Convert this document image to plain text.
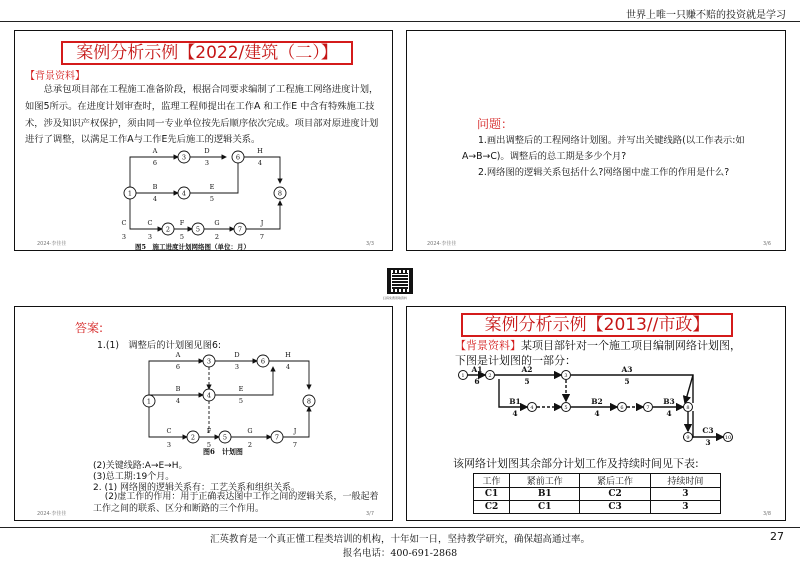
世界上唯一只赚不赔的投资就是学习
案例分析示例【2022/建筑（二）】
【背景资料】
总承包项目部在工程施工准备阶段，根据合同要求编制了工程施工网络进度计划，如图5所示。在进度计划审查时，监理工程师提出在工作A 和工作E 中含有特殊施工技术，涉及知识产权保护，须由同一专业单位按先后顺序依次完成。项目部对原进度计划进行了调整，以满足工作A与工作E先后施工的逻辑关系。
1
3
4
6
8
2	5	7
A
6
D
3
B
4
E
5
H
4
C
3
C
3
F
5
G
2
J
7
图5　施工进度计划网络图（单位：月）
2024·李佳佳	3/3
问题：
1.画出调整后的工程网络计划图。并写出关键线路(以工作表示:如A→B→C)。调整后的总工期是多少个月?
2.网络图的逻辑关系包括什么?网络图中虚工作的作用是什么?
2024·李佳佳	3/6
扫码免费领取资料
答案:
1.(1)　调整后的计划图见图6:
1
3
4
6
8
2	5	7
A
6
D
3
B
4
E
5
H
4
C
3
F
5
G
2
J
7
图6　计划图
(2)关键线路:A→E→H。
(3)总工期:19个月。
2. (1) 网络图的逻辑关系有：工艺关系和组织关系。
(2)虚工作的作用：用于正确表达图中工作之间的逻辑关系，一般起着工作之间的联系、区分和断路的三个作用。
2024·李佳佳	3/7
案例分析示例【2013//市政】
【背景资料】某项目部针对一个施工项目编制网络计划图，
下图是计划图的一部分：
1	2	3
4	5	6	7	8
9	10
A1
6
A2
5
A3
5
B1
4
B2
4
B3
4
C3
3
该网络计划图其余部分计划工作及持续时间见下表:
工作	紧前工作	紧后工作	持续时间
C1	B1	C2	3
C2	C1	C3	3
3/8
汇英教育是一个真正懂工程类培训的机构，十年如一日，坚持教学研究，确保超高通过率。
报名电话：400-691-2868
27
